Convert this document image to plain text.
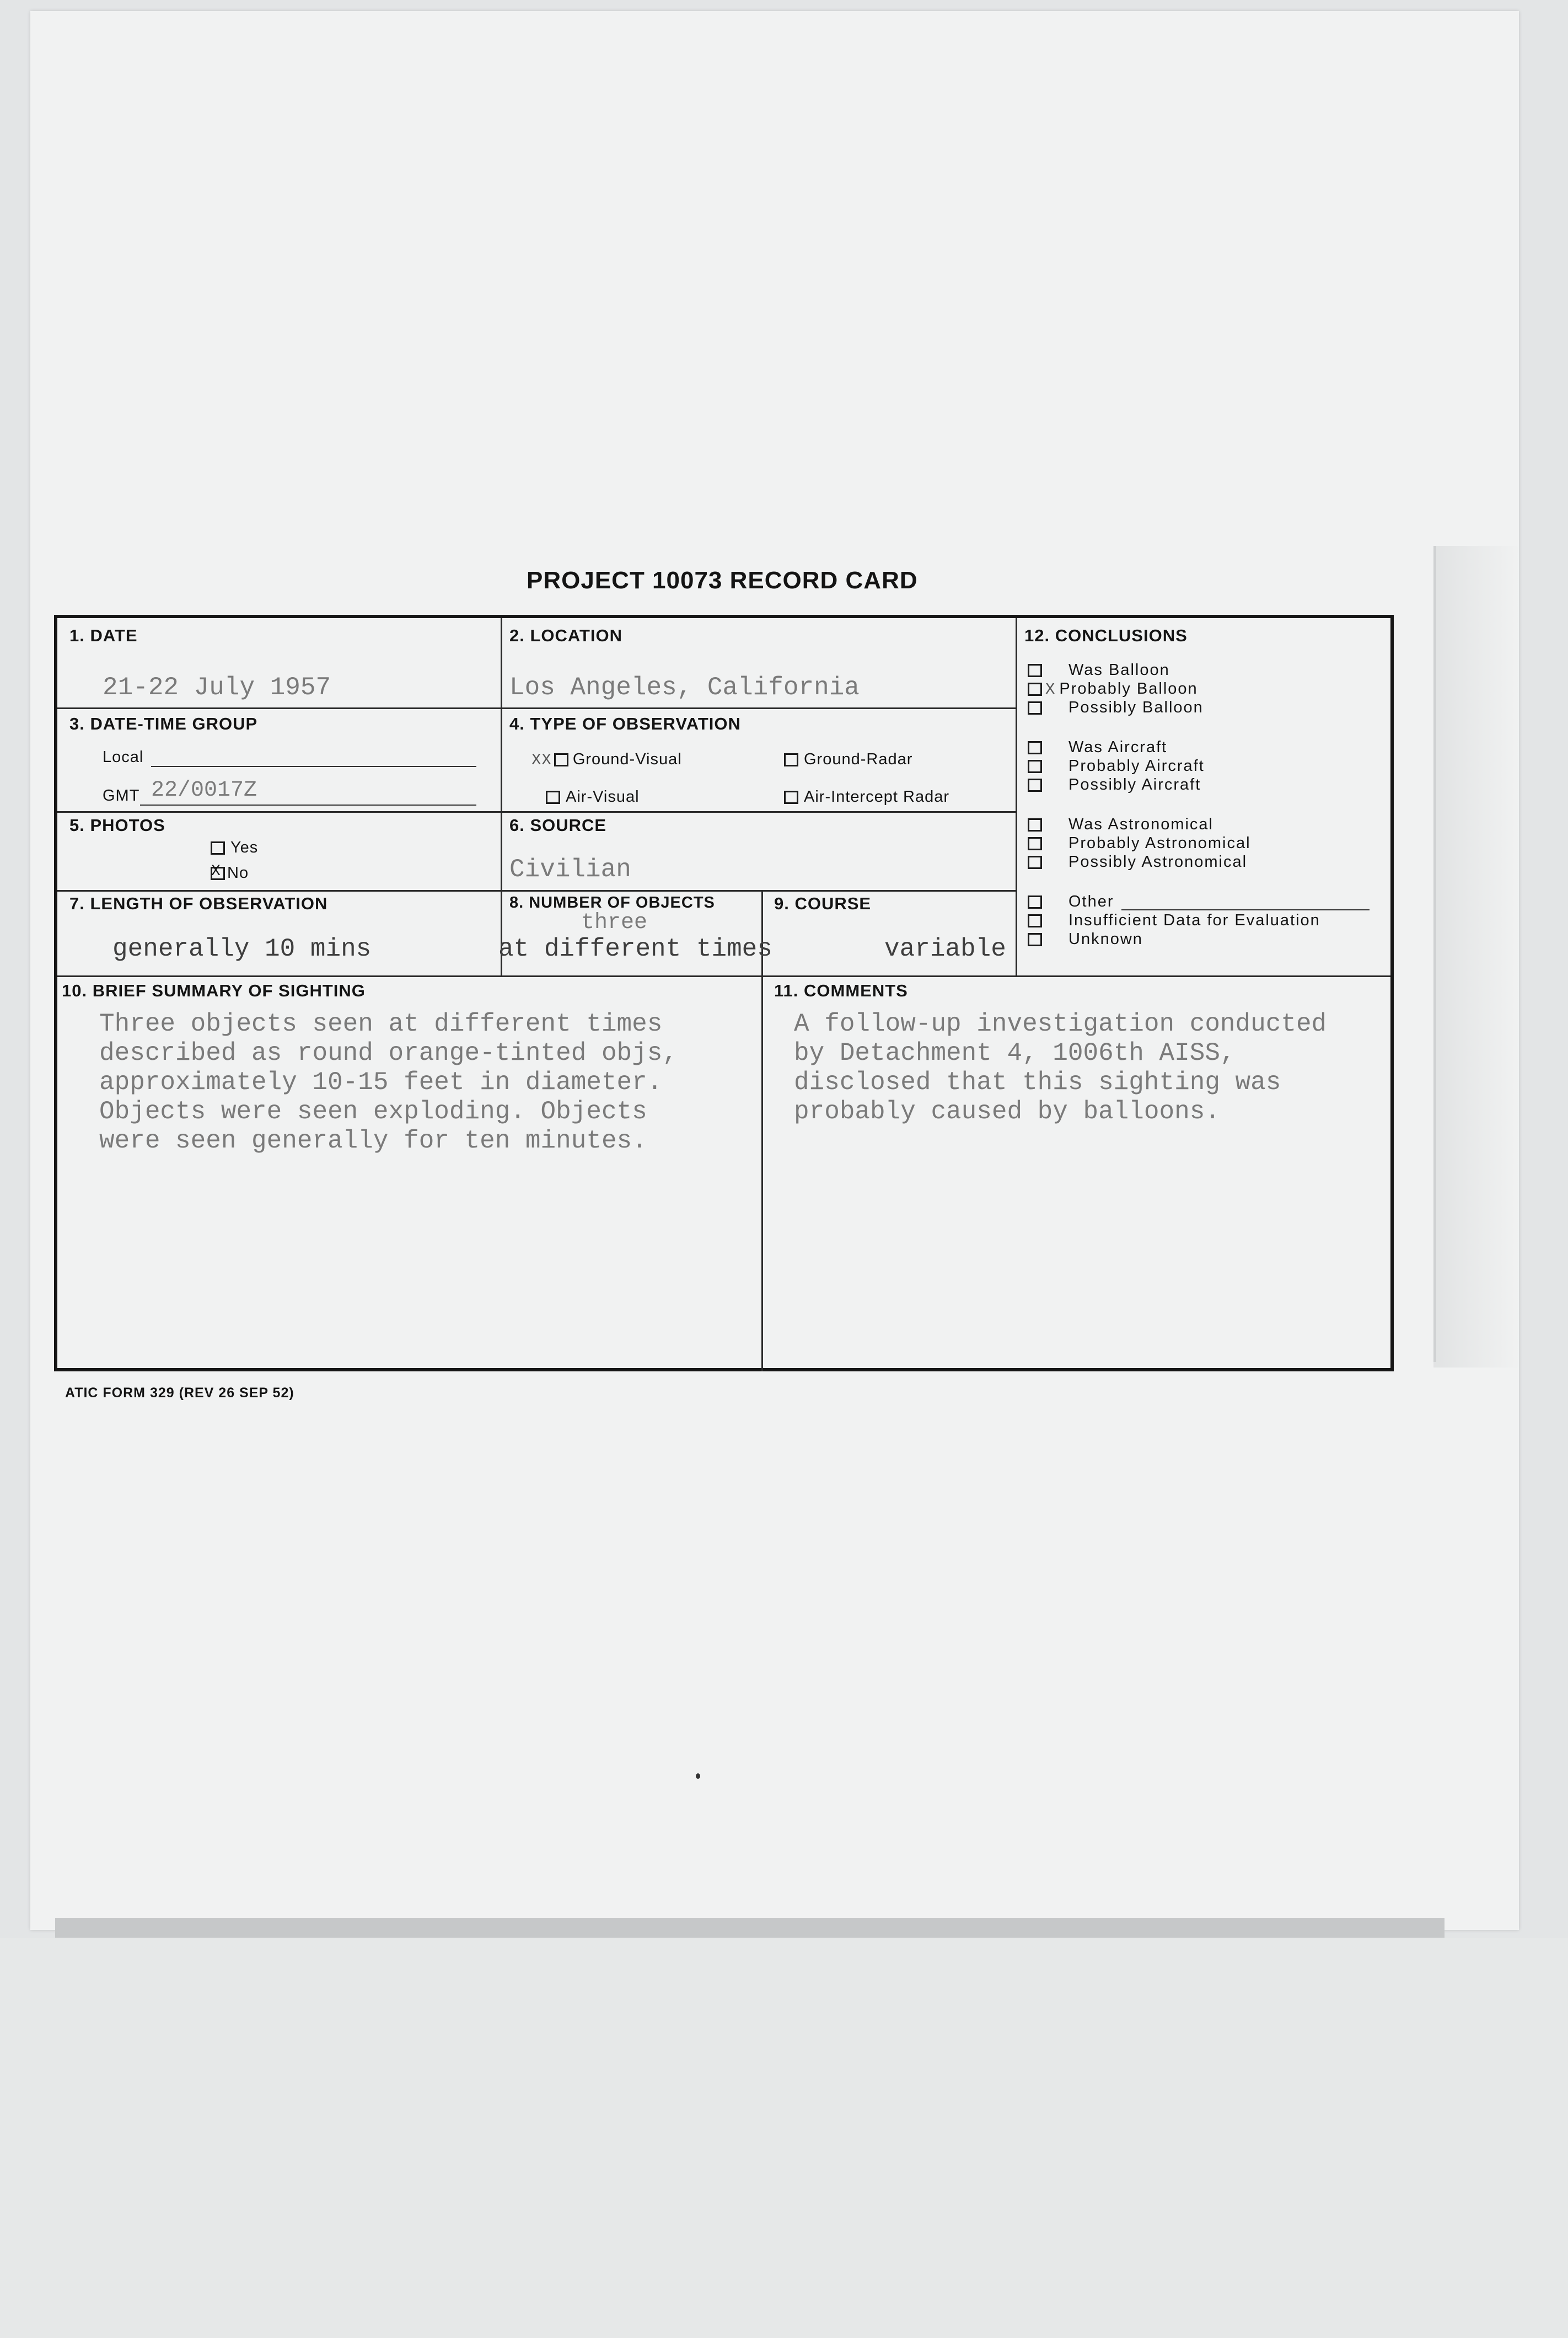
PROJECT 10073 RECORD CARD
1. DATE
21-22 July 1957
2. LOCATION
Los Angeles, California
3. DATE-TIME GROUP
Local
GMT 22/0017Z
4. TYPE OF OBSERVATION
XX Ground-Visual	Ground-Radar
Air-Visual	Air-Intercept Radar
5. PHOTOS
Yes
X No
6. SOURCE
Civilian
7. LENGTH OF OBSERVATION
generally 10 mins
8. NUMBER OF OBJECTS
three
at different times
9. COURSE
variable
10. BRIEF SUMMARY OF SIGHTING
Three objects seen at different times
described as round orange-tinted objs,
approximately 10-15 feet in diameter.
Objects were seen exploding. Objects
were seen generally for ten minutes.
11. COMMENTS
A follow-up investigation conducted
by Detachment 4, 1006th AISS,
disclosed that this sighting was
probably caused by balloons.
12. CONCLUSIONS
Was Balloon
X Probably Balloon
Possibly Balloon
Was Aircraft
Probably Aircraft
Possibly Aircraft
Was Astronomical
Probably Astronomical
Possibly Astronomical
Other
Insufficient Data for Evaluation
Unknown
ATIC FORM 329 (REV 26 SEP 52)
